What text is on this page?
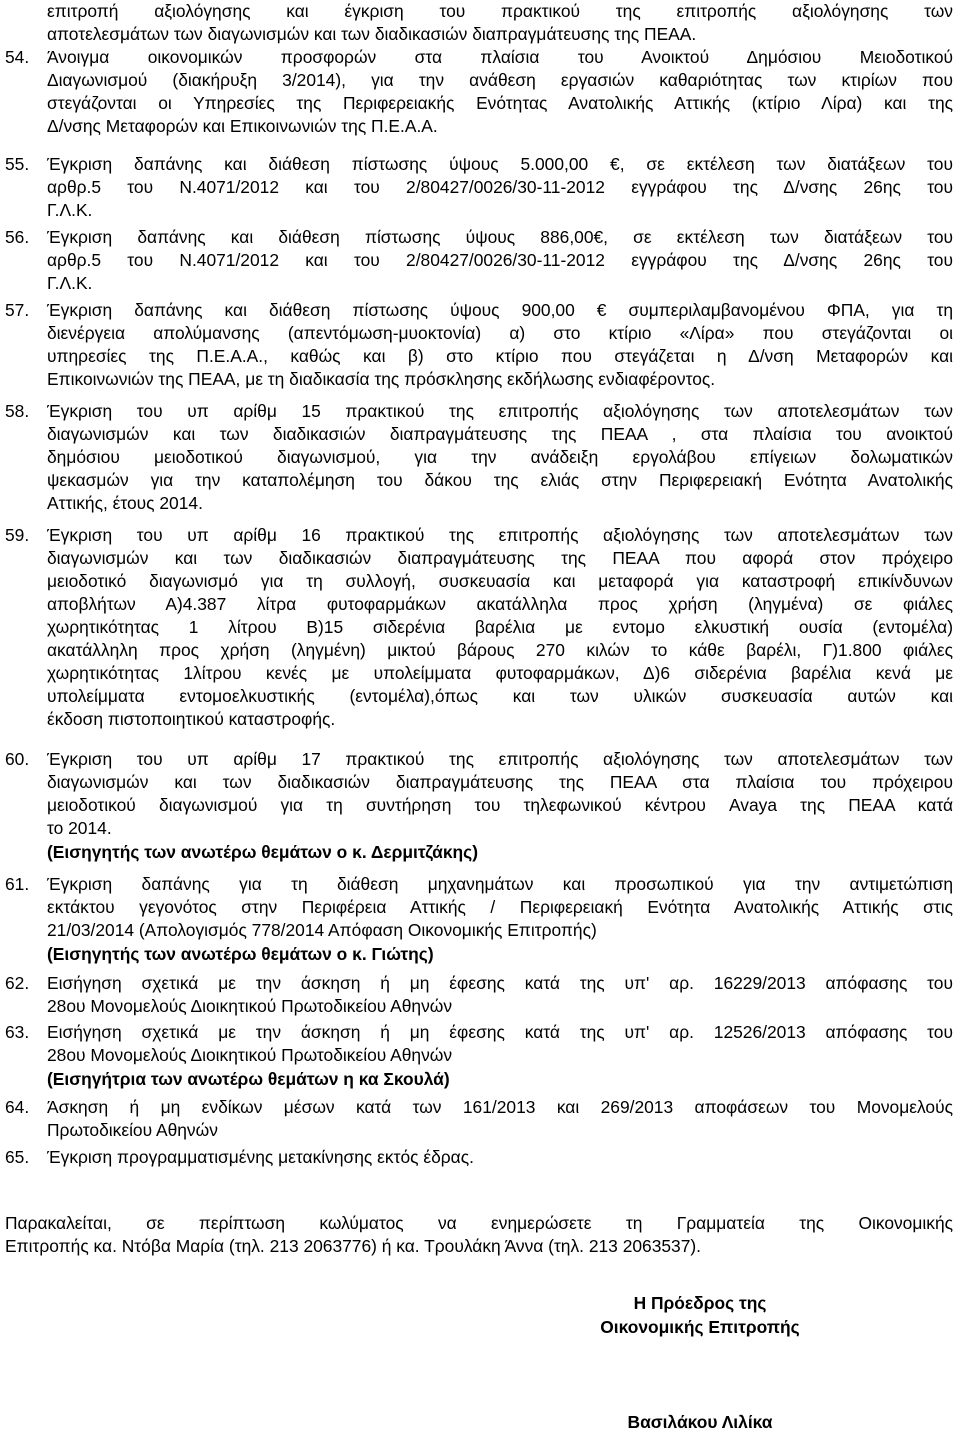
επιτροπή αξιολόγησης και έγκριση του πρακτικού της επιτροπής αξιολόγησης των
αποτελεσμάτων των διαγωνισμών και των διαδικασιών διαπραγμάτευσης της ΠΕΑΑ.
54. Άνοιγμα οικονομικών προσφορών στα πλαίσια του Ανοικτού Δημόσιου Μειοδοτικού
Διαγωνισμού (διακήρυξη 3/2014), για την ανάθεση εργασιών καθαριότητας των κτιρίων που
στεγάζονται οι Υπηρεσίες της Περιφερειακής Ενότητας Ανατολικής Αττικής (κτίριο Λίρα) και της
Δ/νσης Μεταφορών και Επικοινωνιών της Π.Ε.Α.Α.
55. Έγκριση δαπάνης και διάθεση πίστωσης ύψους 5.000,00 €, σε εκτέλεση των διατάξεων του
αρθρ.5 του Ν.4071/2012 και του 2/80427/0026/30-11-2012 εγγράφου της Δ/νσης 26ης του
Γ.Λ.Κ.
56. Έγκριση δαπάνης και διάθεση πίστωσης ύψους 886,00€, σε εκτέλεση των διατάξεων του
αρθρ.5 του Ν.4071/2012 και του 2/80427/0026/30-11-2012 εγγράφου της Δ/νσης 26ης του
Γ.Λ.Κ.
57. Έγκριση δαπάνης και διάθεση πίστωσης ύψους 900,00 € συμπεριλαμβανομένου ΦΠΑ, για τη
διενέργεια απολύμανσης (απεντόμωση-μυοκτονία) α) στο κτίριο «Λίρα» που στεγάζονται οι
υπηρεσίες της Π.Ε.Α.Α., καθώς και β) στο κτίριο που στεγάζεται η Δ/νση Μεταφορών και
Επικοινωνιών της ΠΕΑΑ, με τη διαδικασία της πρόσκλησης εκδήλωσης ενδιαφέροντος.
58. Έγκριση του υπ αρίθμ 15 πρακτικού της επιτροπής αξιολόγησης των αποτελεσμάτων των
διαγωνισμών και των διαδικασιών διαπραγμάτευσης της ΠΕΑΑ , στα πλαίσια του ανοικτού
δημόσιου μειοδοτικού διαγωνισμού, για την ανάδειξη εργολάβου επίγειων δολωματικών
ψεκασμών για την καταπολέμηση του δάκου της ελιάς στην Περιφερειακή Ενότητα Ανατολικής
Αττικής, έτους 2014.
59. Έγκριση του υπ αρίθμ 16 πρακτικού της επιτροπής αξιολόγησης των αποτελεσμάτων των
διαγωνισμών και των διαδικασιών διαπραγμάτευσης της ΠΕΑΑ που αφορά στον πρόχειρο
μειοδοτικό διαγωνισμό για τη συλλογή, συσκευασία και μεταφορά για καταστροφή επικίνδυνων
αποβλήτων Α)4.387 λίτρα φυτοφαρμάκων ακατάλληλα προς χρήση (ληγμένα) σε φιάλες
χωρητικότητας 1 λίτρου Β)15 σιδερένια βαρέλια με εντομο ελκυστική ουσία (εντομέλα)
ακατάλληλη προς χρήση (ληγμένη) μικτού βάρους 270 κιλών το κάθε βαρέλι, Γ)1.800 φιάλες
χωρητικότητας 1λίτρου κενές με υπολείμματα φυτοφαρμάκων, Δ)6 σιδερένια βαρέλια κενά με
υπολείμματα εντομοελκυστικής (εντομέλα),όπως και των υλικών συσκευασία αυτών και
έκδοση πιστοποιητικού καταστροφής.
60. Έγκριση του υπ αρίθμ 17 πρακτικού της επιτροπής αξιολόγησης των αποτελεσμάτων των
διαγωνισμών και των διαδικασιών διαπραγμάτευσης της ΠΕΑΑ στα πλαίσια του πρόχειρου
μειοδοτικού διαγωνισμού για τη συντήρηση του τηλεφωνικού κέντρου Avaya της ΠΕΑΑ κατά
το 2014.
(Εισηγητής των ανωτέρω θεμάτων ο κ. Δερμιτζάκης)
61. Έγκριση δαπάνης για τη διάθεση μηχανημάτων και προσωπικού για την αντιμετώπιση
εκτάκτου γεγονότος στην Περιφέρεια Αττικής / Περιφερειακή Ενότητα Ανατολικής Αττικής στις
21/03/2014 (Απολογισμός 778/2014 Απόφαση Οικονομικής Επιτροπής)
(Εισηγητής των ανωτέρω θεμάτων ο κ. Γιώτης)
62. Εισήγηση σχετικά με την άσκηση ή μη έφεσης κατά της υπ' αρ. 16229/2013 απόφασης του
28ου Μονομελούς Διοικητικού Πρωτοδικείου Αθηνών
63. Εισήγηση σχετικά με την άσκηση ή μη έφεσης κατά της υπ' αρ. 12526/2013 απόφασης του
28ου Μονομελούς Διοικητικού Πρωτοδικείου Αθηνών
(Εισηγήτρια των ανωτέρω θεμάτων η κα Σκουλά)
64. Άσκηση ή μη ενδίκων μέσων κατά των 161/2013 και 269/2013 αποφάσεων του Μονομελούς
Πρωτοδικείου Αθηνών
65. Έγκριση προγραμματισμένης μετακίνησης εκτός έδρας.
Παρακαλείται, σε περίπτωση κωλύματος να ενημερώσετε τη Γραμματεία της Οικονομικής
Επιτροπής κα. Ντόβα Μαρία (τηλ. 213 2063776) ή κα. Τρουλάκη Άννα (τηλ. 213 2063537).
Η Πρόεδρος της
Οικονομικής Επιτροπής
Βασιλάκου Λιλίκα
